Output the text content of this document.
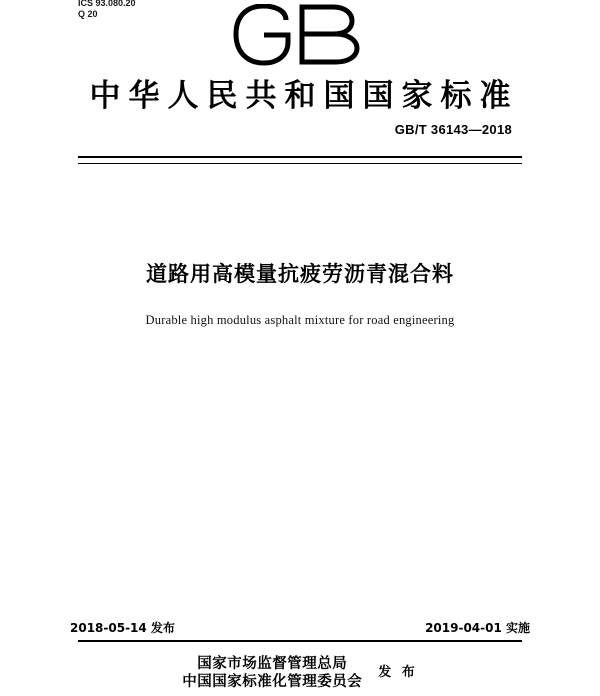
ICS 93.080.20
Q 20
中华人民共和国国家标准
GB/T 36143—2018
道路用高模量抗疲劳沥青混合料
Durable high modulus asphalt mixture for road engineering
2018-05-14 发布	2019-04-01 实施
国家市场监督管理总局
中国国家标准化管理委员会
发 布
